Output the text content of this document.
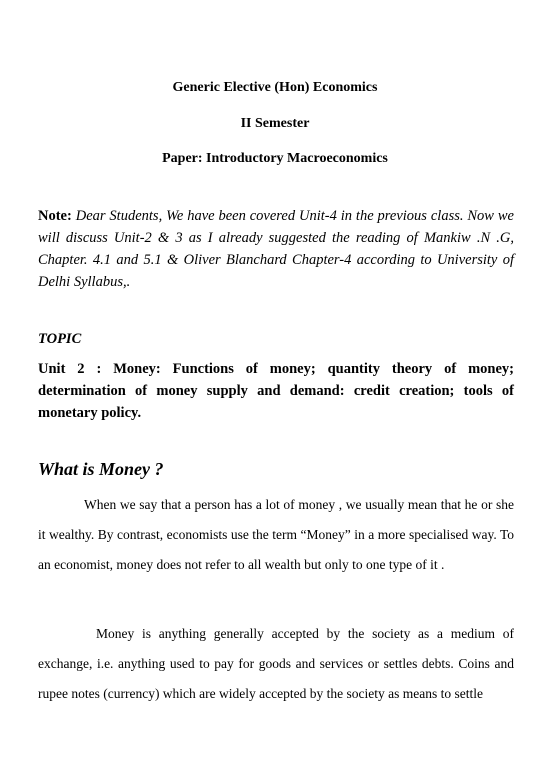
Generic Elective (Hon) Economics
II Semester
Paper: Introductory Macroeconomics
Note: Dear Students, We have been covered Unit-4 in the previous class. Now we will discuss Unit-2 & 3 as I already suggested the reading of Mankiw .N .G, Chapter. 4.1 and 5.1 & Oliver Blanchard Chapter-4 according to University of Delhi Syllabus,.
TOPIC
Unit 2 : Money: Functions of money; quantity theory of money; determination of money supply and demand: credit creation; tools of monetary policy.
What is Money ?
When we say that a person has a lot of money , we usually mean that he or she it wealthy. By contrast, economists use the term “Money” in a more specialised way. To an economist, money does not refer to all wealth but only to one type of it .
Money is anything generally accepted by the society as a medium of exchange, i.e. anything used to pay for goods and services or settles debts. Coins and rupee notes (currency) which are widely accepted by the society as means to settle
